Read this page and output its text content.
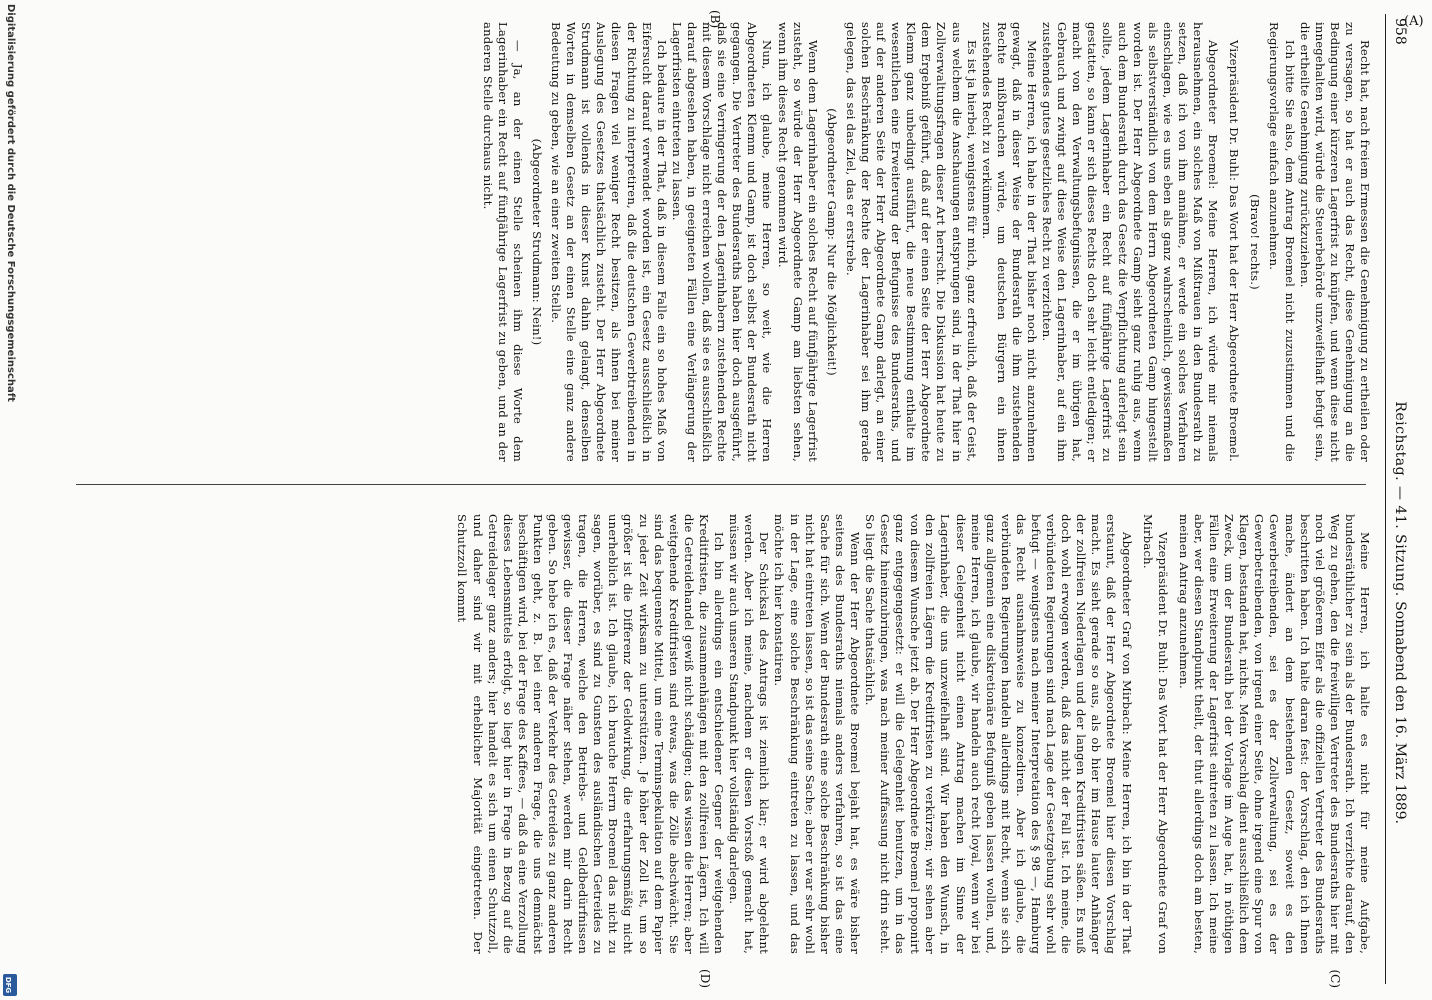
958
Reichstag. — 41. Sitzung.
Sonnabend den 16. März 1889.
(C)
(D)
(B)

Recht hat, nach freiem Ermessen die Genehmigung zu ertheilen oder zu versagen, so hat er auch das Recht, diese Genehmigung an die Bedingung einer kürzeren Lagerfrist zu knüpfen, und wenn diese nicht innegehalten wird, würde die Steuerbehörde unzweifelhaft befugt sein, die ertheilte Genehmigung zurückzuziehen.

Ich bitte Sie also, dem Antrag Broemel nicht zuzustimmen und die Regierungsvorlage einfach anzunehmen.

(Bravo! rechts.)

Vizepräsident Dr. Buhl: Das Wort hat der Herr Abgeordnete Broemel.

Abgeordneter Broemel: Meine Herren, ich würde mir niemals herausnehmen, ein solches Maß von Mißtrauen in den Bundesrath zu setzen, daß ich von ihm annähme, er werde ein solches Verfahren einschlagen, wie es uns eben als ganz wahrscheinlich, gewissermaßen als selbstverständlich von dem Herrn Abgeordneten Gamp hingestellt worden ist. Der Herr Abgeordnete Gamp sieht ganz ruhig aus, wenn auch dem Bundesrath durch das Gesetz die Verpflichtung auferlegt sein sollte, jedem Lagerinhaber ein Recht auf fünfjährige Lagerfrist zu gestatten, so kann er sich dieses Rechts doch sehr leicht entledigen; er macht von den Verwaltungsbefugnissen, die er im übrigen hat, Gebrauch und zwingt auf diese Weise den Lagerinhaber, auf ein ihm zustehendes gutes gesetzliches Recht zu verzichten.

Meine Herren, ich habe in der That bisher noch nicht anzunehmen gewagt, daß in dieser Weise der Bundesrath die ihm zustehenden Rechte mißbrauchen würde, um deutschen Bürgern ein ihnen zustehendes Recht zu verkümmern.

Es ist ja hierbei, wenigstens für mich, ganz erfreulich, daß der Geist, aus welchem die Anschauungen entsprungen sind, in der That hier in Zollverwaltungsfragen dieser Art herrscht. Die Diskussion hat heute zu dem Ergebniß geführt, daß auf der einen Seite der Herr Abgeordnete Klemm ganz unbedingt ausführt, die neue Bestimmung enthalte im wesentlichen eine Erweiterung der Befugnisse des Bundesraths, und auf der anderen Seite der Herr Abgeordnete Gamp darlegt, an einer solchen Beschränkung der Rechte der Lagerinhaber sei ihm gerade gelegen, das sei das Ziel, das er erstrebe.

(Abgeordneter Gamp: Nur die Möglichkeit!)

Wenn dem Lagerinhaber ein solches Recht auf fünfjährige Lagerfrist zusteht, so würde der Herr Abgeordnete Gamp am liebsten sehen, wenn ihm dieses Recht genommen wird.

Nun, ich glaube, meine Herren, so weit, wie die Herren Abgeordneten Klemm und Gamp, ist doch selbst der Bundesrath nicht gegangen. Die Vertreter des Bundesraths haben hier doch ausgeführt, daß sie eine Verringerung der den Lagerinhabern zustehenden Rechte mit diesem Vorschlage nicht erreichen wollen, daß sie es ausschließlich darauf abgesehen haben, in geeigneten Fällen eine Verlängerung der Lagerfristen eintreten zu lassen.

Ich bedaure in der That, daß in diesem Falle ein so hohes Maß von Eifersucht darauf verwendet worden ist, ein Gesetz ausschließlich in der Richtung zu interpretiren, daß die deutschen Gewerbtreibenden in diesen Fragen viel weniger Recht besitzen, als ihnen bei meiner Auslegung des Gesetzes thatsächlich zusteht. Der Herr Abgeordnete Strudmann ist vollends in dieser Kunst dahin gelangt, denselben Worten in demselben Gesetz an der einen Stelle eine ganz andere Bedeutung zu geben, wie an einer zweiten Stelle.

(Abgeordneter Strudmann: Nein!)

— Ja, an der einen Stelle scheinen ihm diese Worte dem Lagerinhaber ein Recht auf fünfjährige Lagerfrist zu geben, und an der anderen Stelle durchaus nicht.

Meine Herren, ich halte es nicht für meine Aufgabe, bundesräthlicher zu sein als der Bundesrath. Ich verzichte darauf, den Weg zu gehen, den die freiwilligen Vertreter des Bundesraths hier mit noch viel größerem Eifer als die offiziellen Vertreter des Bundesraths beschritten haben. Ich halte daran fest: der Vorschlag, den ich Ihnen mache, ändert an dem bestehenden Gesetz, soweit es den Gewerbetreibenden, sei es der Zollverwaltung, sei es der Gewerbetreibenden, von irgend einer Seite, ohne irgend eine Spur von Klagen, bestanden hat, nichts. Mein Vorschlag dient ausschließlich dem Zweck, um der Bundesrath bei der Vorlage im Auge hat, in nöthigen Fällen eine Erweiterung der Lagerfrist eintreten zu lassen. Ich meine aber, wer diesen Standpunkt theilt, der thut allerdings doch am besten, meinen Antrag anzunehmen.

Vizepräsident Dr. Buhl: Das Wort hat der Herr Abgeordnete Graf von Mirbach.

Abgeordneter Graf von Mirbach: Meine Herren, ich bin in der That erstaunt, daß der Herr Abgeordnete Broemel hier diesen Vorschlag macht. Es sieht gerade so aus, als ob hier im Hause lauter Anhänger der zollfreien Niederlagen und der langen Kreditfristen säßen. Es muß doch wohl erwogen werden, daß das nicht der Fall ist. Ich meine, die verbündeten Regierungen sind nach Lage der Gesetzgebung sehr wohl befugt — wenigstens nach meiner Interpretation des § 98 —, Hamburg das Recht ausnahmsweise zu konzediren. Aber ich glaube, die verbündeten Regierungen handeln allerdings mit Recht, wenn sie sich ganz allgemein eine diskretionäre Befugniß geben lassen wollen, und, meine Herren, ich glaube, wir handeln auch recht loyal, wenn wir bei dieser Gelegenheit nicht einen Antrag machen im Sinne der Lagerinhaber, die uns unzweifelhaft sind. Wir haben den Wunsch, in den zollfreien Lägern die Kreditfristen zu verkürzen; wir sehen aber von diesem Wunsche jetzt ab. Der Herr Abgeordnete Broemel proponirt ganz entgegengesetzt: er will die Gelegenheit benutzen, um in das Gesetz hineinzubringen, was nach meiner Auffassung nicht drin steht. So liegt die Sache thatsächlich.

Wenn der Herr Abgeordnete Broemel bejaht hat, es wäre bisher seitens des Bundesraths niemals anders verfahren, so ist das eine Sache für sich. Wenn der Bundesrath eine solche Beschränkung bisher nicht hat eintreten lassen, so ist das seine Sache; aber er war sehr wohl in der Lage, eine solche Beschränkung eintreten zu lassen, und das möchte ich hier konstatiren.

Der Schicksal des Antrags ist ziemlich klar; er wird abgelehnt werden. Aber ich meine, nachdem er diesen Vorstoß gemacht hat, müssen wir auch unseren Standpunkt hier vollständig darlegen.

Ich bin allerdings ein entschiedener Gegner der weitgehenden Kreditfristen, die zusammenhängen mit den zollfreien Lägern. Ich will die Getreidehandel gewiß nicht schädigen; das wissen die Herren; aber weitgehende Kreditfristen sind etwas, was die Zölle abschwächt. Sie sind das bequemste Mittel, um eine Terminspekulation auf dem Papier zu jeder Zeit wirksam zu unterstützen. Je höher der Zoll ist, um so größer ist die Differenz der Geldwirkung, die erfahrungsmäßig nicht unerheblich ist. Ich glaube, ich brauche Herrn Broemel das nicht zu sagen, worüber, es sind zu Gunsten des ausländischen Getreides zu tragen, die Herren, welche den Betriebs- und Geldbedürfnissen gewisser, die dieser Frage näher stehen, werden mir darin Recht geben. So hebe ich es, daß der Verkehr des Getreides zu ganz anderen Punkten geht, z. B. bei einer anderen Frage, die uns demnächst beschäftigen wird, bei der Frage des Kaffees, — daß da eine Verzollung dieses Lebensmittels erfolgt, so liegt hier in Frage in Bezug auf die Getreidelager ganz anders; hier handelt es sich um einen Schutzzoll, und daher sind wir mit erheblicher Majorität eingetreten. Der Schutzzoll kommt

(A)
Digitalisierung gefördert durch die Deutsche Forschungsgemeinschaft
DFG
